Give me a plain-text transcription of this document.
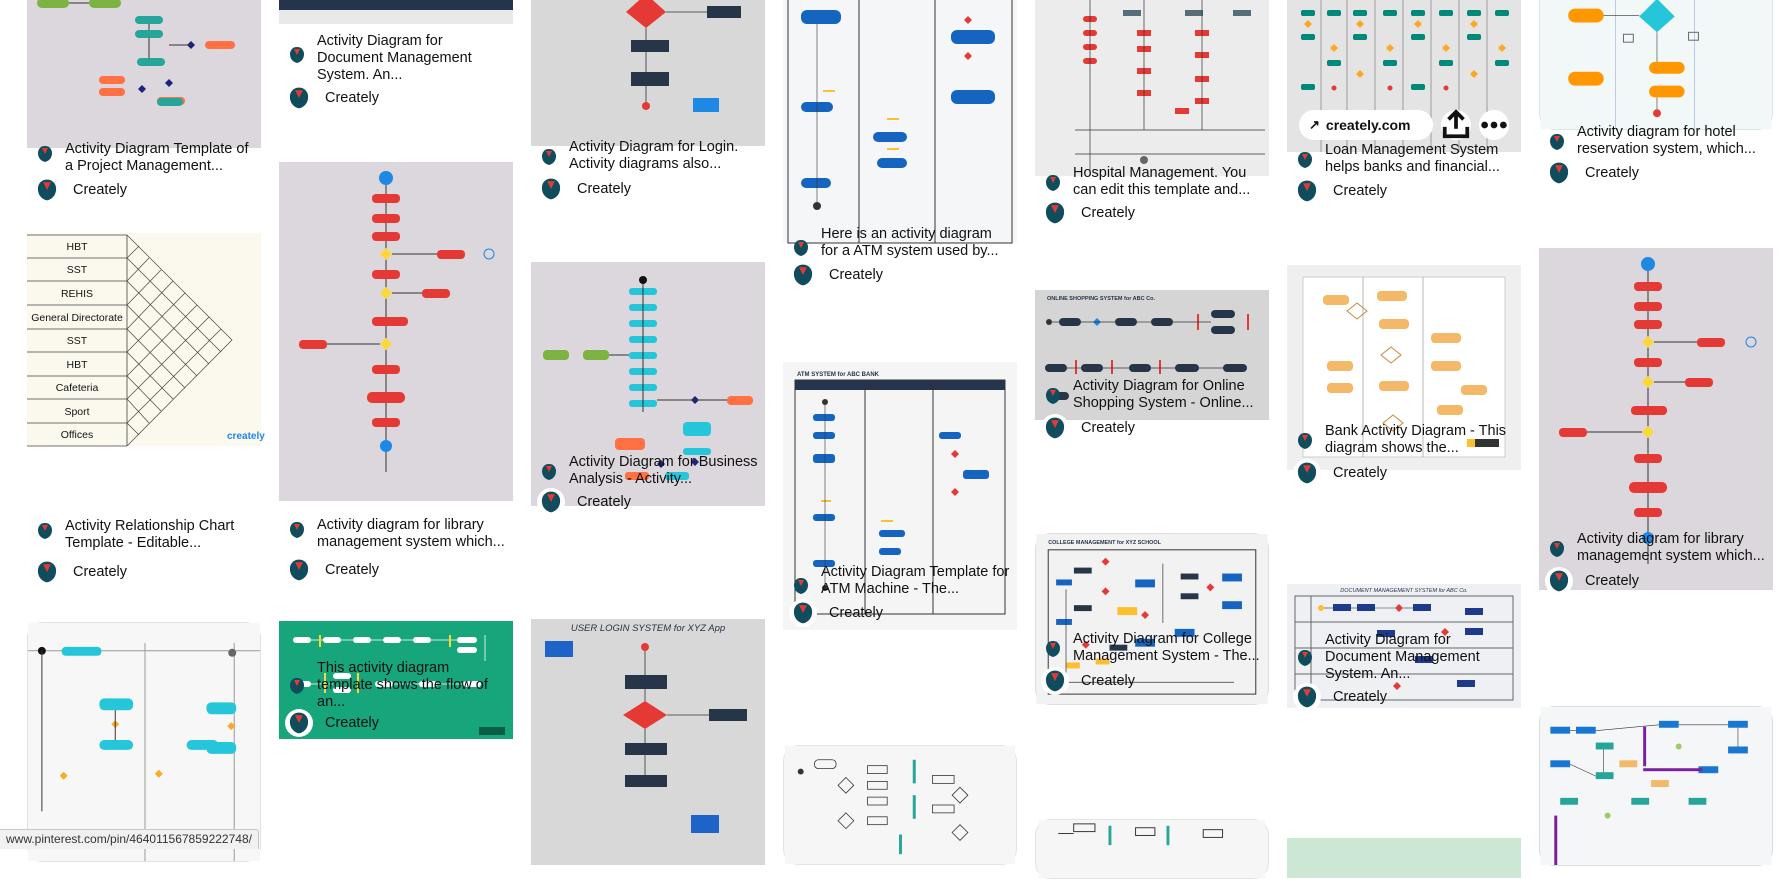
Activity Diagram Template of a Project Management...
Creately
HBT
SST
REHIS
General Directorate
SST
HBT
Cafeteria
Sport
Offices	creately
Activity Relationship Chart Template - Editable...
Creately
Activity Diagram for Document Management System. An...
Creately
Activity diagram for library management system which...
Creately
This activity diagram template shows the flow of an...
Creately
Activity Diagram for Login. Activity diagrams also...
Creately
Activity Diagram for Business Analysis - Activity...
Creately
USER LOGIN SYSTEM for XYZ App
Here is an activity diagram for a ATM system used by...
Creately
ATM SYSTEM for ABC BANK
Activity Diagram Template for ATM Machine - The...
Creately
Hospital Management. You can edit this template and...
Creately
ONLINE SHOPPING SYSTEM for ABC Co.
Activity Diagram for Online Shopping System - Online...
Creately
COLLEGE MANAGEMENT for XYZ SCHOOL
Activity Diagram for College Management System - The...
Creately
↗ creately.com
Loan Management System helps banks and financial...
Creately
Bank Activity Diagram - This diagram shows the...
Creately
DOCUMENT MANAGEMENT SYSTEM for ABC Co.
Activity Diagram for Document Management System. An...
Creately
Activity diagram for hotel reservation system, which...
Creately
Activity diagram for library management system which...
Creately
www.pinterest.com/pin/464011567859222748/
